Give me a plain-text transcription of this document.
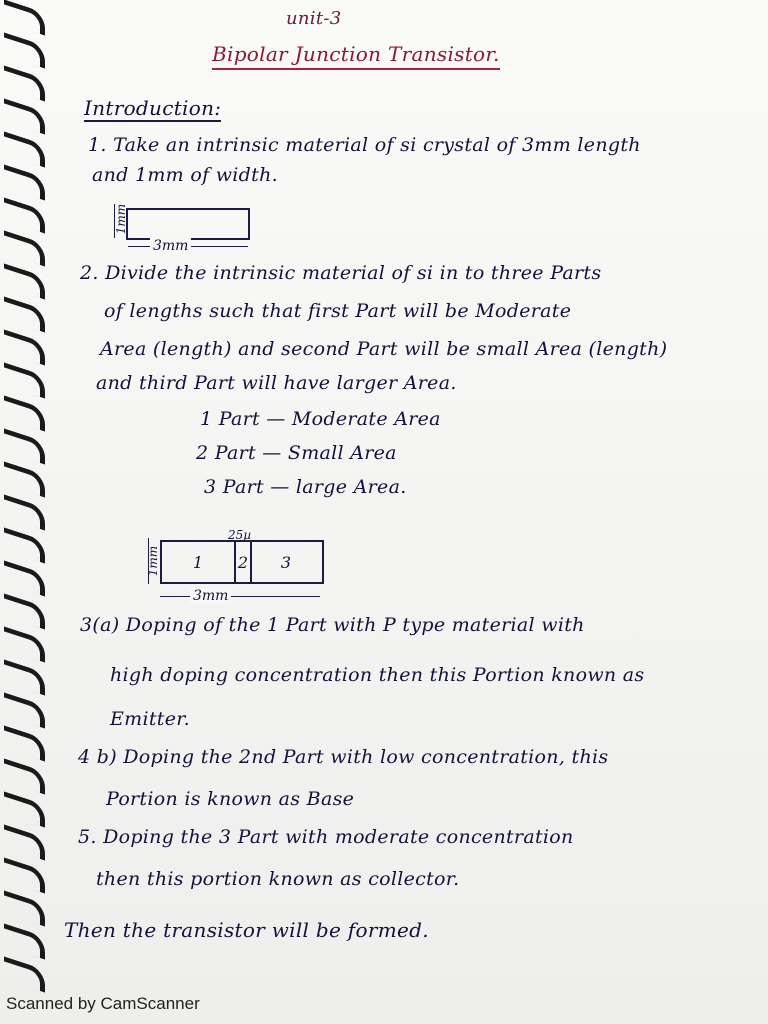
unit-3
Bipolar Junction Transistor.
Introduction:
1. Take an intrinsic material of si crystal of 3mm length
and 1mm of width.
1mm
3mm
2. Divide the intrinsic material of si in to three Parts
of lengths such that first Part will be Moderate
Area (length) and second Part will be small Area (length)
and third Part will have larger Area.
1 Part — Moderate Area
2 Part — Small Area
3 Part — large Area.
25µ
1	2	3
1mm
3mm
3(a) Doping of the 1 Part with P type material with
high doping concentration then this Portion known as
Emitter.
4 b) Doping the 2nd Part with low concentration, this
Portion is known as Base
5. Doping the 3 Part with moderate concentration
then this portion known as collector.
Then the transistor will be formed.
Scanned by CamScanner
